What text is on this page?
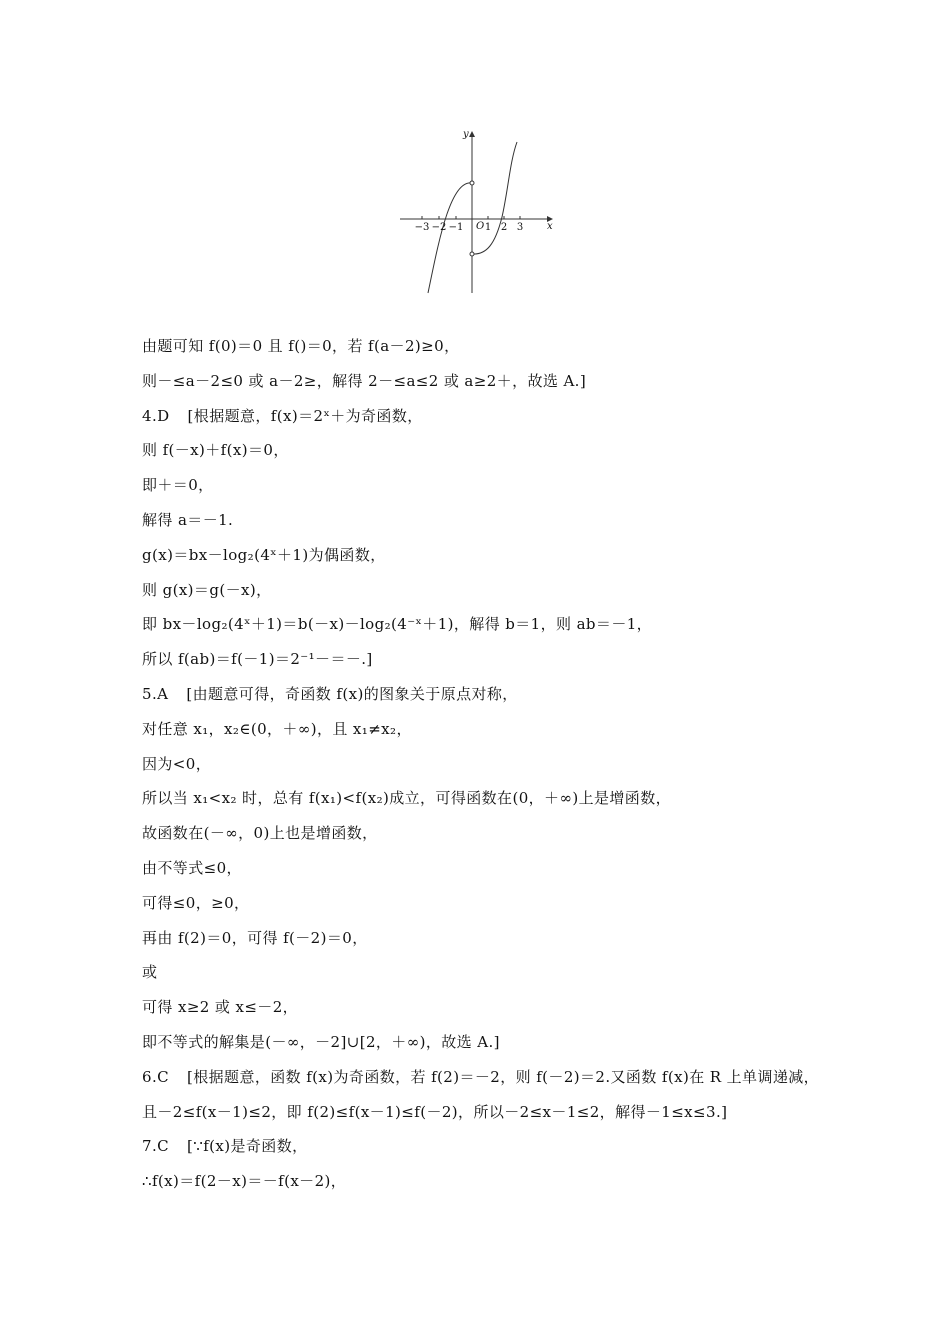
−3 −2 −1 1 2 3
y
x
O
由题可知 f(0)＝0 且 f()＝0，若 f(a－2)≥0，
则－≤a－2≤0 或 a－2≥，解得 2－≤a≤2 或 a≥2＋，故选 A.]
4.D [根据题意，f(x)＝2ˣ＋为奇函数，
则 f(－x)＋f(x)＝0，
即＋＝0，
解得 a＝－1.
g(x)＝bx－log₂(4ˣ＋1)为偶函数，
则 g(x)＝g(－x)，
即 bx－log₂(4ˣ＋1)＝b(－x)－log₂(4⁻ˣ＋1)，解得 b＝1，则 ab＝－1，
所以 f(ab)＝f(－1)＝2⁻¹－＝－.]
5.A [由题意可得，奇函数 f(x)的图象关于原点对称，
对任意 x₁，x₂∈(0，＋∞)，且 x₁≠x₂，
因为<0，
所以当 x₁<x₂ 时，总有 f(x₁)<f(x₂)成立，可得函数在(0，＋∞)上是增函数，
故函数在(－∞，0)上也是增函数，
由不等式≤0，
可得≤0，≥0，
再由 f(2)＝0，可得 f(－2)＝0，
或
可得 x≥2 或 x≤－2，
即不等式的解集是(－∞，－2]∪[2，＋∞)，故选 A.]
6.C [根据题意，函数 f(x)为奇函数，若 f(2)＝－2，则 f(－2)＝2.又函数 f(x)在 R 上单调递减，
且－2≤f(x－1)≤2，即 f(2)≤f(x－1)≤f(－2)，所以－2≤x－1≤2，解得－1≤x≤3.]
7.C [∵f(x)是奇函数，
∴f(x)＝f(2－x)＝－f(x－2)，
